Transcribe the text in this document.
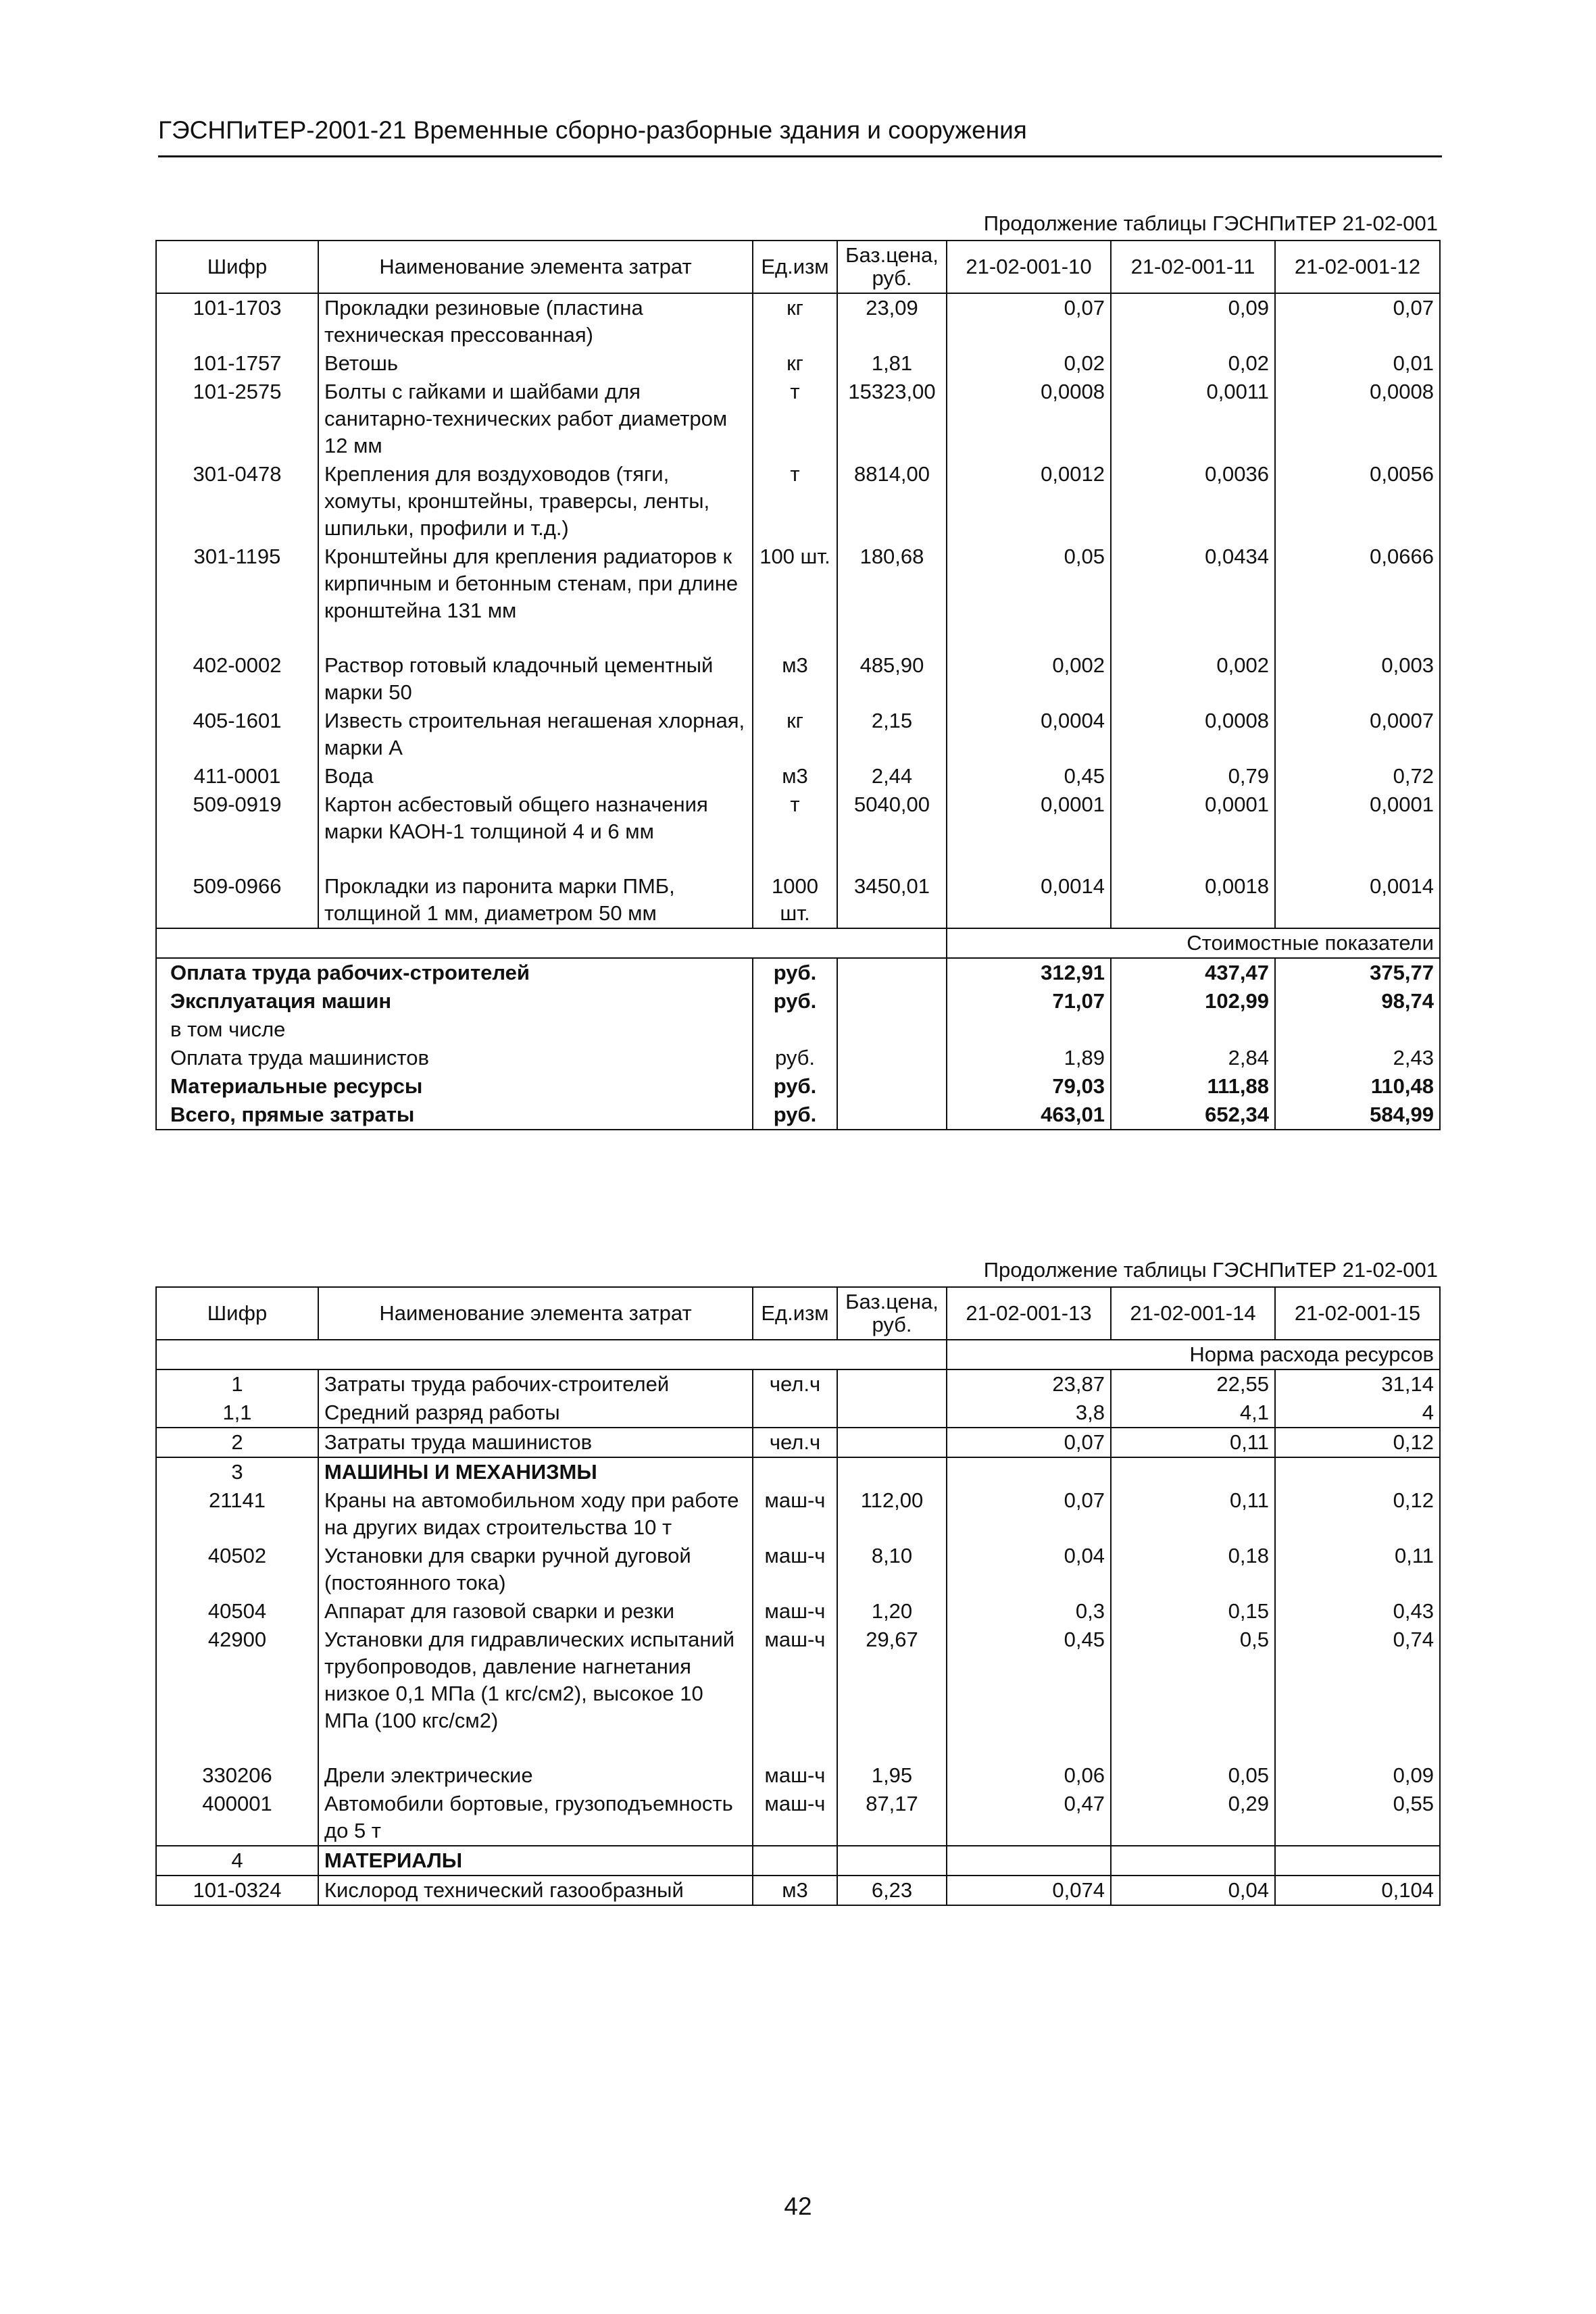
ГЭСНПиТЕР-2001-21 Временные сборно-разборные здания и сооружения
Продолжение таблицы ГЭСНПиТЕР 21-02-001
Шифр	Наименование элемента затрат	Ед.изм	Баз.цена, руб.	21-02-001-10	21-02-001-11	21-02-001-12
101-1703	Прокладки резиновые (пластина техническая прессованная)	кг	23,09	0,07	0,09	0,07
101-1757	Ветошь	кг	1,81	0,02	0,02	0,01
101-2575	Болты с гайками и шайбами для санитарно-технических работ диаметром 12 мм	т	15323,00	0,0008	0,0011	0,0008
301-0478	Крепления для воздуховодов (тяги, хомуты, кронштейны, траверсы, ленты, шпильки, профили и т.д.)	т	8814,00	0,0012	0,0036	0,0056
301-1195	Кронштейны для крепления радиаторов к кирпичным и бетонным стенам, при длине кронштейна 131 мм	100 шт.	180,68	0,05	0,0434	0,0666
402-0002	Раствор готовый кладочный цементный марки 50	м3	485,90	0,002	0,002	0,003
405-1601	Известь строительная негашеная хлорная, марки А	кг	2,15	0,0004	0,0008	0,0007
411-0001	Вода	м3	2,44	0,45	0,79	0,72
509-0919	Картон асбестовый общего назначения марки КАОН-1 толщиной 4 и 6 мм	т	5040,00	0,0001	0,0001	0,0001
509-0966	Прокладки из паронита марки ПМБ, толщиной 1 мм, диаметром 50 мм	1000 шт.	3450,01	0,0014	0,0018	0,0014
				Стоимостные показатели		
Оплата труда рабочих-строителей		руб.		312,91	437,47	375,77
Эксплуатация машин		руб.		71,07	102,99	98,74
в том числе						
Оплата труда машинистов		руб.		1,89	2,84	2,43
Материальные ресурсы		руб.		79,03	111,88	110,48
Всего, прямые затраты		руб.		463,01	652,34	584,99
Продолжение таблицы ГЭСНПиТЕР 21-02-001
Шифр	Наименование элемента затрат	Ед.изм	Баз.цена, руб.	21-02-001-13	21-02-001-14	21-02-001-15
				Норма расхода ресурсов		
1	Затраты труда рабочих-строителей	чел.ч		23,87	22,55	31,14
1,1	Средний разряд работы			3,8	4,1	4
2	Затраты труда машинистов	чел.ч		0,07	0,11	0,12
3	МАШИНЫ И МЕХАНИЗМЫ					
21141	Краны на автомобильном ходу при работе на других видах строительства 10 т	маш-ч	112,00	0,07	0,11	0,12
40502	Установки для сварки ручной дуговой (постоянного тока)	маш-ч	8,10	0,04	0,18	0,11
40504	Аппарат для газовой сварки и резки	маш-ч	1,20	0,3	0,15	0,43
42900	Установки для гидравлических испытаний трубопроводов, давление нагнетания низкое 0,1 МПа (1 кгс/см2), высокое 10 МПа (100 кгс/см2)	маш-ч	29,67	0,45	0,5	0,74
330206	Дрели электрические	маш-ч	1,95	0,06	0,05	0,09
400001	Автомобили бортовые, грузоподъемность до 5 т	маш-ч	87,17	0,47	0,29	0,55
4	МАТЕРИАЛЫ					
101-0324	Кислород технический газообразный	м3	6,23	0,074	0,04	0,104
42
